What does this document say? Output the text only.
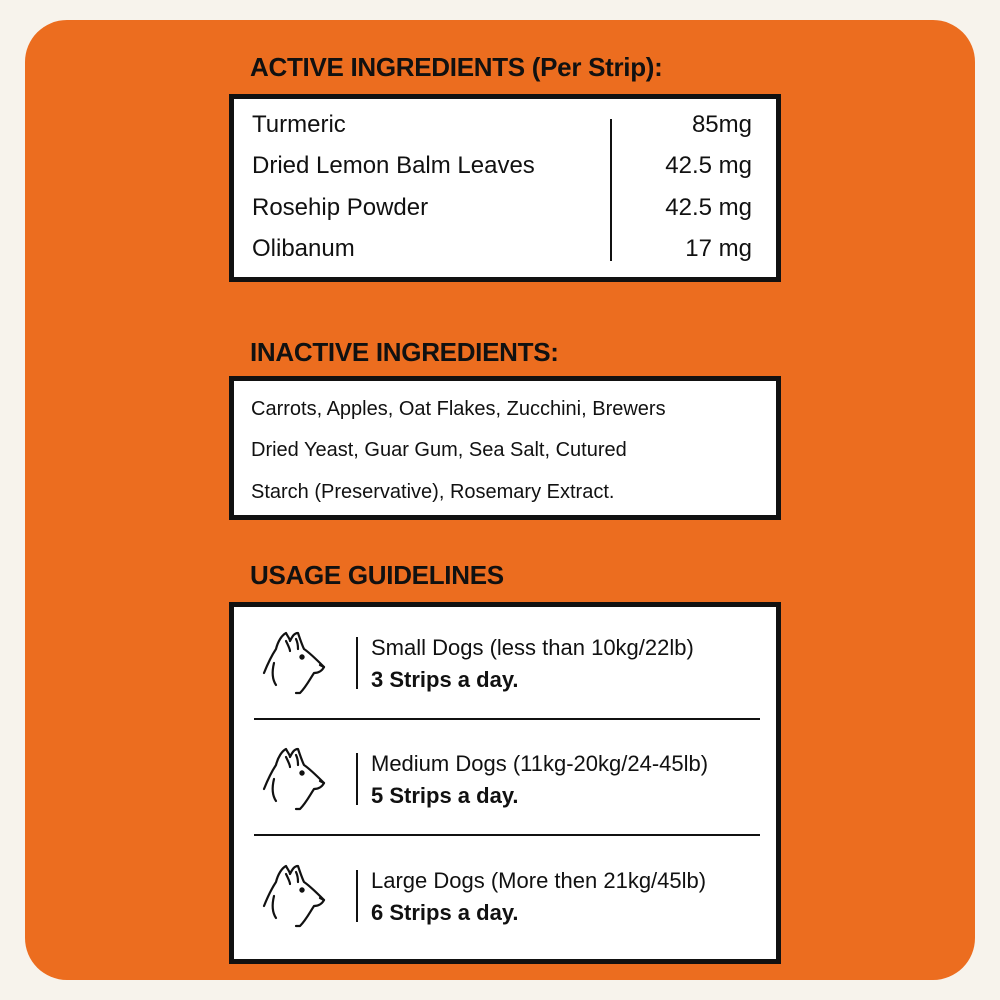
ACTIVE INGREDIENTS (Per Strip):
Turmeric	85mg
Dried Lemon Balm Leaves	42.5 mg
Rosehip Powder	42.5 mg
Olibanum	17 mg
INACTIVE INGREDIENTS:
Carrots, Apples, Oat Flakes, Zucchini, Brewers
Dried Yeast, Guar Gum, Sea Salt, Cutured
Starch (Preservative), Rosemary Extract.
USAGE GUIDELINES
Small Dogs (less than 10kg/22lb)
3 Strips a day.
Medium Dogs (11kg-20kg/24-45lb)
5 Strips a day.
Large Dogs (More then 21kg/45lb)
6 Strips a day.
